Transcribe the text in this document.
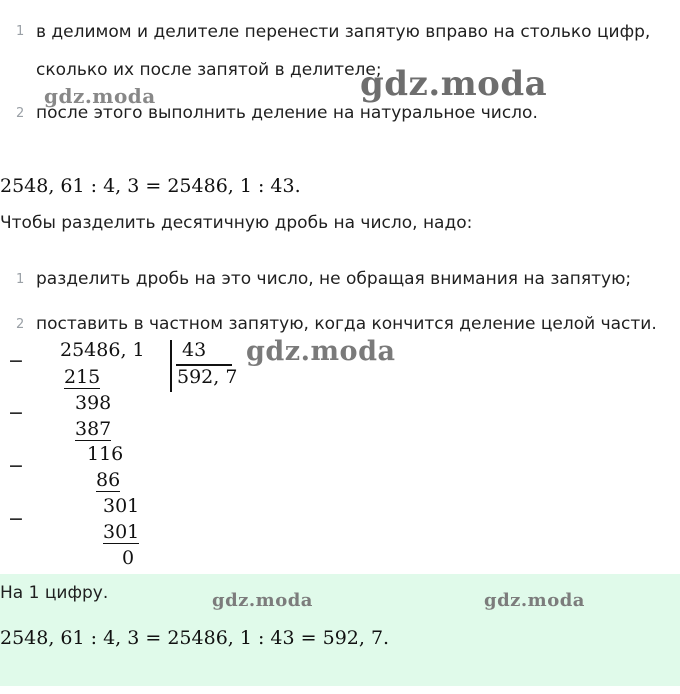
1 в делимом и делителе перенести запятую вправо на столько цифр,
сколько их после запятой в делителе;
2 после этого выполнить деление на натуральное число.
gdz.moda	gdz.moda
2548, 61 : 4, 3 = 25486, 1 : 43.
Чтобы разделить десятичную дробь на число, надо:
1 разделить дробь на это число, не обращая внимания на запятую;
2 поставить в частном запятую, когда кончится деление целой части.
− 25486, 1 43
592, 7
215
−	398
387
−
116
86
−
301
301
0
gdz.moda
На 1 цифру.	gdz.moda	gdz.moda
2548, 61 : 4, 3 = 25486, 1 : 43 = 592, 7.
